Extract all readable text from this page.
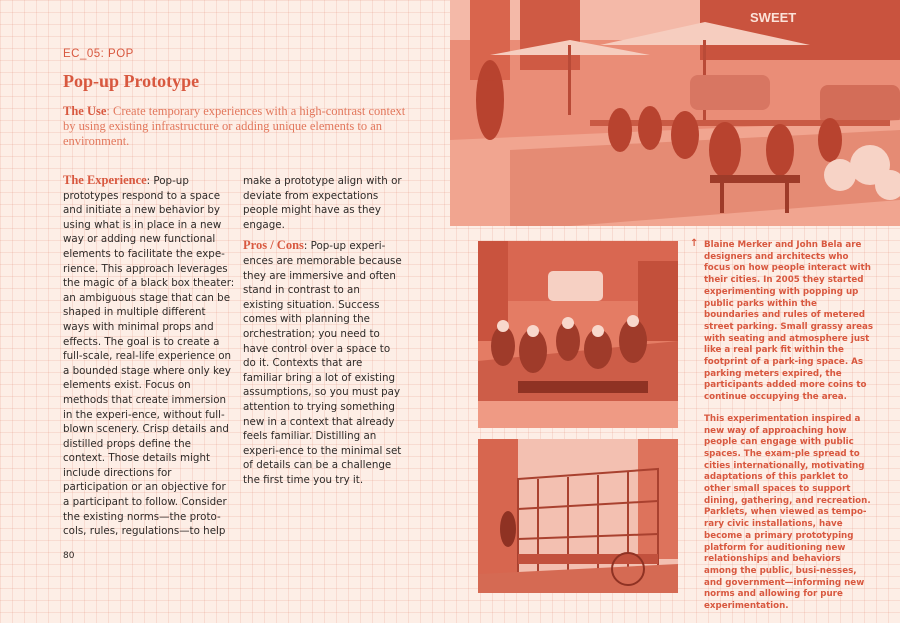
EC_05: POP
Pop-up Prototype
The Use: Create temporary experiences with a high-contrast context by using existing infrastructure or adding unique elements to an environment.
The Experience: Pop-up prototypes respond to a space and initiate a new behavior by using what is in place in a new way or adding new functional elements to facilitate the expe-rience. This approach leverages the magic of a black box theater: an ambiguous stage that can be shaped in multiple different ways with minimal props and effects. The goal is to create a full-scale, real-life experience on a bounded stage where only key elements exist. Focus on methods that create immersion in the experi-ence, without full-blown scenery. Crisp details and distilled props define the context. Those details might include directions for participation or an objective for a participant to follow. Consider the existing norms—the proto-cols, rules, regulations—to help
make a prototype align with or deviate from expectations people might have as they engage.
Pros / Cons: Pop-up experi-ences are memorable because they are immersive and often stand in contrast to an existing situation. Success comes with planning the orchestration; you need to have control over a space to do it. Contexts that are familiar bring a lot of existing assumptions, so you must pay attention to trying something new in a context that already feels familiar. Distilling an experi-ence to the minimal set of details can be a challenge the first time you try it.
80
SWEET
↑ Blaine Merker and John Bela are designers and architects who focus on how people interact with their cities. In 2005 they started experimenting with popping up public parks within the boundaries and rules of metered street parking. Small grassy areas with seating and atmosphere just like a real park fit within the footprint of a park-ing space. As parking meters expired, the participants added more coins to continue occupying the area.

This experimentation inspired a new way of approaching how people can engage with public spaces. The exam-ple spread to cities internationally, motivating adaptations of this parklet to other small spaces to support dining, gathering, and recreation. Parklets, when viewed as tempo-rary civic installations, have become a primary prototyping platform for auditioning new relationships and behaviors among the public, busi-nesses, and government—informing new norms and allowing for pure experimentation.
